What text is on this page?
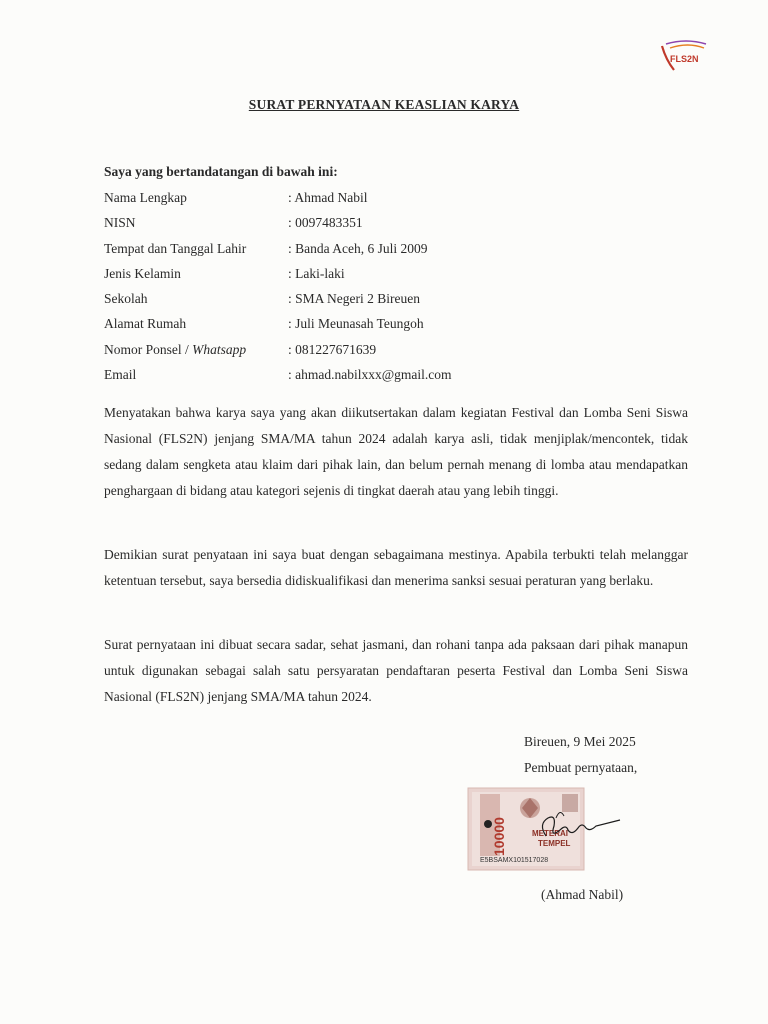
FLS2N
SURAT PERNYATAAN KEASLIAN KARYA
Saya yang bertandatangan di bawah ini:
Nama Lengkap	: Ahmad Nabil
NISN	: 0097483351
Tempat dan Tanggal Lahir	: Banda Aceh, 6 Juli 2009
Jenis Kelamin	: Laki-laki
Sekolah	: SMA Negeri 2 Bireuen
Alamat Rumah	: Juli Meunasah Teungoh
Nomor Ponsel / Whatsapp	: 081227671639
Email	: ahmad.nabilxxx@gmail.com
Menyatakan bahwa karya saya yang akan diikutsertakan dalam kegiatan Festival dan Lomba Seni Siswa Nasional (FLS2N) jenjang SMA/MA tahun 2024 adalah karya asli, tidak menjiplak/mencontek, tidak sedang dalam sengketa atau klaim dari pihak lain, dan belum pernah menang di lomba atau mendapatkan penghargaan di bidang atau kategori sejenis di tingkat daerah atau yang lebih tinggi.
Demikian surat penyataan ini saya buat dengan sebagaimana mestinya. Apabila terbukti telah melanggar ketentuan tersebut, saya bersedia didiskualifikasi dan menerima sanksi sesuai peraturan yang berlaku.
Surat pernyataan ini dibuat secara sadar, sehat jasmani, dan rohani tanpa ada paksaan dari pihak manapun untuk digunakan sebagai salah satu persyaratan pendaftaran peserta Festival dan Lomba Seni Siswa Nasional (FLS2N) jenjang SMA/MA tahun 2024.
Bireuen, 9 Mei 2025
Pembuat pernyataan,
10000	METERAI
TEMPEL
E5BSAMX101517028
(Ahmad Nabil)
